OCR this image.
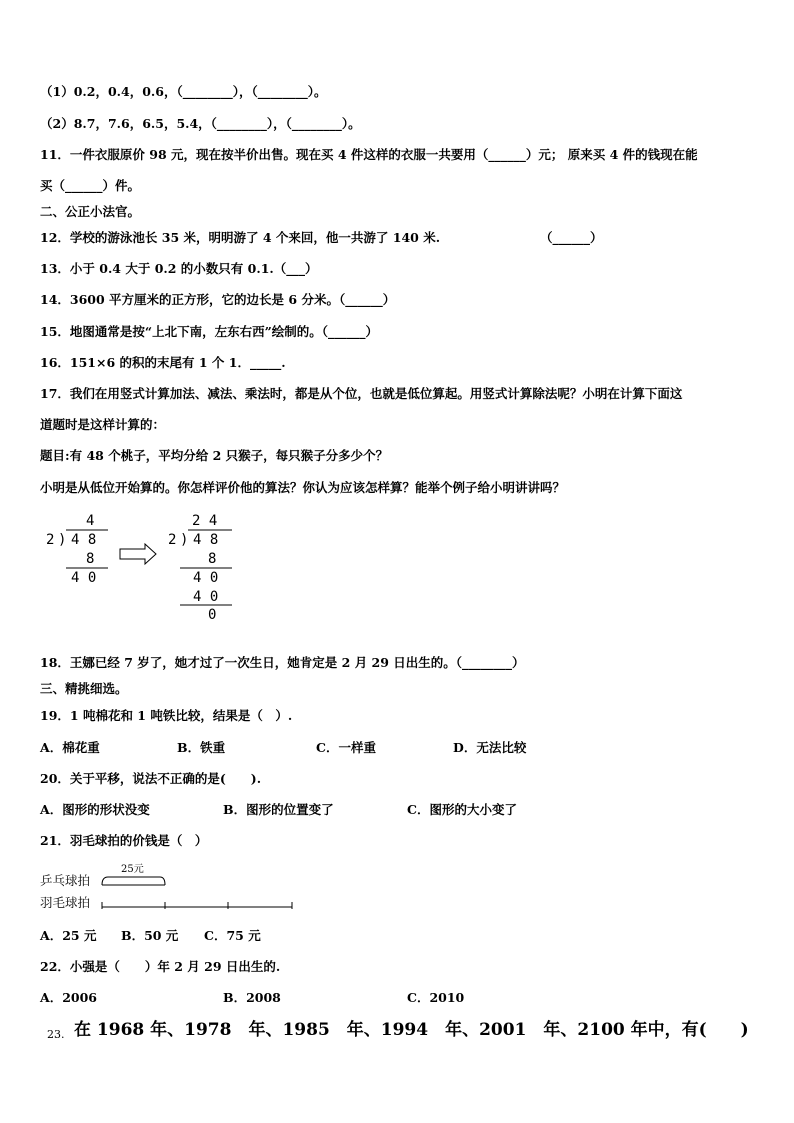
（1）0.2，0.4，0.6，（________），（________）。
（2）8.7，7.6，6.5，5.4，（________），（________）。
11．一件衣服原价 98 元，现在按半价出售。现在买 4 件这样的衣服一共要用（______）元； 原来买 4 件的钱现在能
买（______）件。
二、公正小法官。
12．学校的游泳池长 35 米，明明游了 4 个来回，他一共游了 140 米.	（______）
13．小于 0.4 大于 0.2 的小数只有 0.1.（___）
14．3600 平方厘米的正方形，它的边长是 6 分米。（______）
15．地图通常是按“上北下南，左东右西”绘制的。（______）
16．151×6 的积的末尾有 1 个 1．_____.
17．我们在用竖式计算加法、减法、乘法时，都是从个位，也就是低位算起。用竖式计算除法呢？小明在计算下面这
道题时是这样计算的：
题目:有 48 个桃子，平均分给 2 只猴子，每只猴子分多少个？
小明是从低位开始算的。你怎样评价他的算法？你认为应该怎样算？能举个例子给小明讲讲吗？
4
2 ) 4 8
8
4 0
2 4
2 ) 4 8
8
4 0
4 0
0
18．王娜已经 7 岁了，她才过了一次生日，她肯定是 2 月 29 日出生的。（________）
三、精挑细选。
19．1 吨棉花和 1 吨铁比较，结果是（　）.
A．棉花重	B．铁重	C．一样重	D．无法比较
20．关于平移，说法不正确的是(　　).
A．图形的形状没变	B．图形的位置变了	C．图形的大小变了
21．羽毛球拍的价钱是（　）
乒乓球拍
羽毛球拍
25元
A．25 元 B．50 元 C．75 元
22．小强是（　　）年 2 月 29 日出生的.
A．2006	B．2008	C．2010
23. 在 1968 年、1978　年、1985　年、1994　年、2001　年、2100 年中，有(　　)
